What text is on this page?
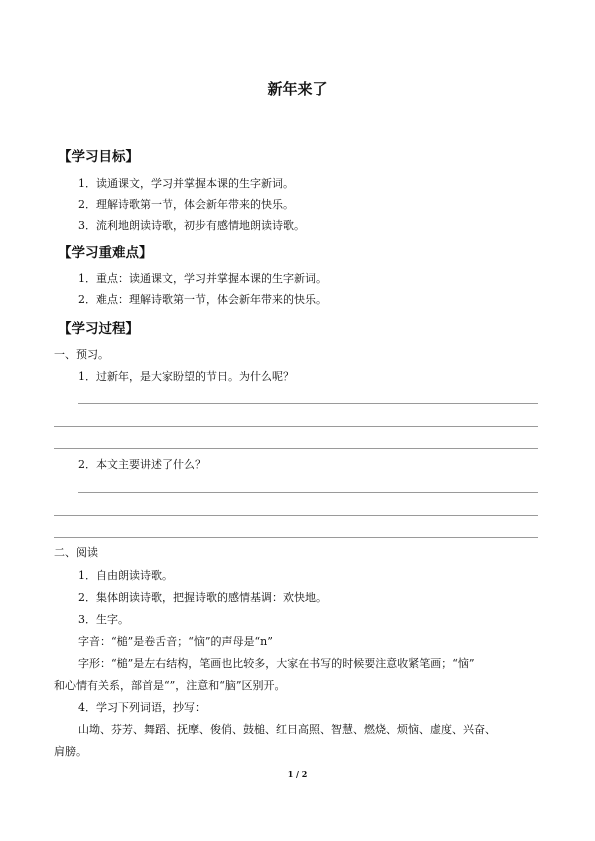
新年来了
【学习目标】
1．读通课文，学习并掌握本课的生字新词。
2．理解诗歌第一节，体会新年带来的快乐。
3．流利地朗读诗歌，初步有感情地朗读诗歌。
【学习重难点】
1．重点：读通课文，学习并掌握本课的生字新词。
2．难点：理解诗歌第一节，体会新年带来的快乐。
【学习过程】
一、预习。
1．过新年，是大家盼望的节日。为什么呢？
2．本文主要讲述了什么？
二、阅读
1．自由朗读诗歌。
2．集体朗读诗歌，把握诗歌的感情基调：欢快地。
3．生字。
字音：“槌”是卷舌音；“恼”的声母是“n”
字形：“槌”是左右结构，笔画也比较多，大家在书写的时候要注意收紧笔画；“恼”
和心情有关系，部首是“”，注意和“脑”区别开。
4．学习下列词语，抄写：
山坳、芬芳、舞蹈、抚摩、俊俏、鼓槌、红日高照、智慧、燃烧、烦恼、虚度、兴奋、
肩膀。
1 / 2
